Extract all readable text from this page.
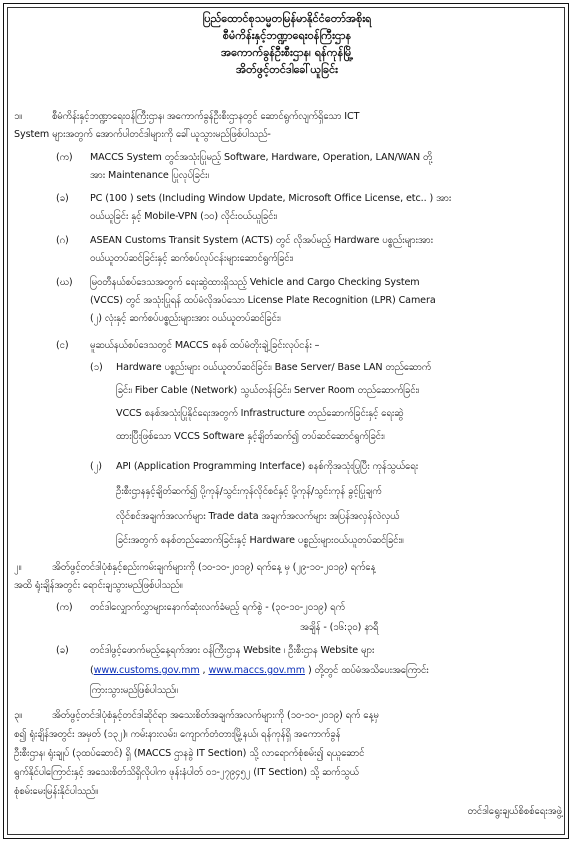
ပြည်ထောင်စုသမ္မတမြန်မာနိုင်ငံတော်အစိုးရ
စီမံကိန်းနှင့်ဘဏ္ဍာရေးဝန်ကြီးဌာန
အကောက်ခွန်ဦးစီးဌာန၊ ရန်ကုန်မြို့
အိတ်ဖွင့်တင်ဒါခေါ်ယူခြင်း
၁။	စီမံကိန်းနှင့်ဘဏ္ဍာရေးဝန်ကြီးဌာန၊ အကောက်ခွန်ဦးစီးဌာနတွင် ဆောင်ရွက်လျက်ရှိသော ICT
System များအတွက် အောက်ပါတင်ဒါများကို ခေါ်ယူသွားမည်ဖြစ်ပါသည်-
(က) MACCS System တွင်အသုံးပြုမည့် Software, Hardware, Operation, LAN/WAN တို့
အား Maintenance ပြုလုပ်ခြင်း၊
(ခ) PC (100 ) sets (Including Window Update, Microsoft Office License, etc.. ) အား
ဝယ်ယူခြင်း နှင့် Mobile-VPN (၁၀) လိုင်းဝယ်ယူခြင်း၊
(ဂ) ASEAN Customs Transit System (ACTS) တွင် လိုအပ်မည့် Hardware ပစ္စည်းများအား
ဝယ်ယူတပ်ဆင်ခြင်းနှင့် ဆက်စပ်လုပ်ငန်းများဆောင်ရွက်ခြင်း၊
(ဃ) မြဝတီနယ်စပ်ဒေသအတွက် ရေးဆွဲထားရှိသည့် Vehicle and Cargo Checking System
(VCCS) တွင် အသုံးပြုရန် ထပ်မံလိုအပ်သော License Plate Recognition (LPR) Camera
(၂) လုံးနှင့် ဆက်စပ်ပစ္စည်းများအား ဝယ်ယူတပ်ဆင်ခြင်း၊
(င) မူဆယ်နယ်စပ်ဒေသတွင် MACCS စနစ် ထပ်မံတိုးချဲ့ခြင်းလုပ်ငန်း –
(၁) Hardware ပစ္စည်းများ ဝယ်ယူတပ်ဆင်ခြင်း၊ Base Server/ Base LAN တည်ဆောက်
ခြင်း၊ Fiber Cable (Network) သွယ်တန်းခြင်း၊ Server Room တည်ဆောက်ခြင်း၊
VCCS စနစ်အသုံးပြုနိုင်ရေးအတွက် Infrastructure တည်ဆောက်ခြင်းနှင့် ရေးဆွဲ
ထားပြီးဖြစ်သော VCCS Software နှင့်ချိတ်ဆက်၍ တပ်ဆင်ဆောင်ရွက်ခြင်း၊
(၂) API (Application Programming Interface) စနစ်ကိုအသုံးပြုပြီး ကုန်သွယ်ရေး
ဦးစီးဌာနနှင့်ချိတ်ဆက်၍ ပို့ကုန်/သွင်းကုန်လိုင်စင်နှင့် ပို့ကုန်/သွင်းကုန် ခွင့်ပြုချက်
လိုင်စင်အချက်အလက်များ Trade data အချက်အလက်များ အပြန်အလှန်လဲလှယ်
ခြင်းအတွက် စနစ်တည်ဆောက်ခြင်းနှင့် Hardware ပစ္စည်းများဝယ်ယူတပ်ဆင်ခြင်း။
၂။	အိတ်ဖွင့်တင်ဒါပုံစံနှင့်စည်းကမ်းချက်များကို (၁၀-၁၀-၂၀၁၉) ရက်နေ့ မှ (၂၉-၁၀-၂၀၁၉) ရက်နေ့
အထိ ရုံးချိန်အတွင်း ရောင်းချသွားမည်ဖြစ်ပါသည်။
(က) တင်ဒါလျှောက်လွှာများနောက်ဆုံးလက်ခံမည့် ရက်စွဲ - (၃၀-၁၀-၂၀၁၉) ရက်
အချိန် - (၁၆:၃၀) နာရီ
(ခ) တင်ဒါဖွင့်ဖောက်မည့်နေ့ရက်အား ဝန်ကြီးဌာန Website ၊ ဦးစီးဌာန Website များ
(www.customs.gov.mm , www.maccs.gov.mm ) တို့တွင် ထပ်မံအသိပေးအကြောင်း
ကြားသွားမည်ဖြစ်ပါသည်။
၃။	အိတ်ဖွင့်တင်ဒါပုံစံနှင့်တင်ဒါဆိုင်ရာ အသေးစိတ်အချက်အလက်များကို (၁၀-၁၀-၂၀၁၉) ရက် နေ့မှ
စ၍ ရုံးချိန်အတွင်း အမှတ် (၁၃၂)၊ ကမ်းနားလမ်း၊ ကျောက်တံတားမြို့နယ်၊ ရန်ကုန်ရှိ အကောက်ခွန်
ဦးစီးဌာန၊ ရုံးချုပ် (၃ထပ်ဆောင်) ရှိ (MACCS ဌာနခွဲ IT Section) သို့ လာရောက်စုံစမ်း၍ ရယူဆောင်
ရွက်နိုင်ပါကြောင်းနှင့် အသေးစိတ်သိရှိလိုပါက ဖုန်းနံပါတ် ၀၁-၂၇၉၄၅၂ (IT Section) သို့ ဆက်သွယ်
စုံစမ်းမေးမြန်းနိုင်ပါသည်။
တင်ဒါရွေးချယ်စိစစ်ရေးအဖွဲ့
